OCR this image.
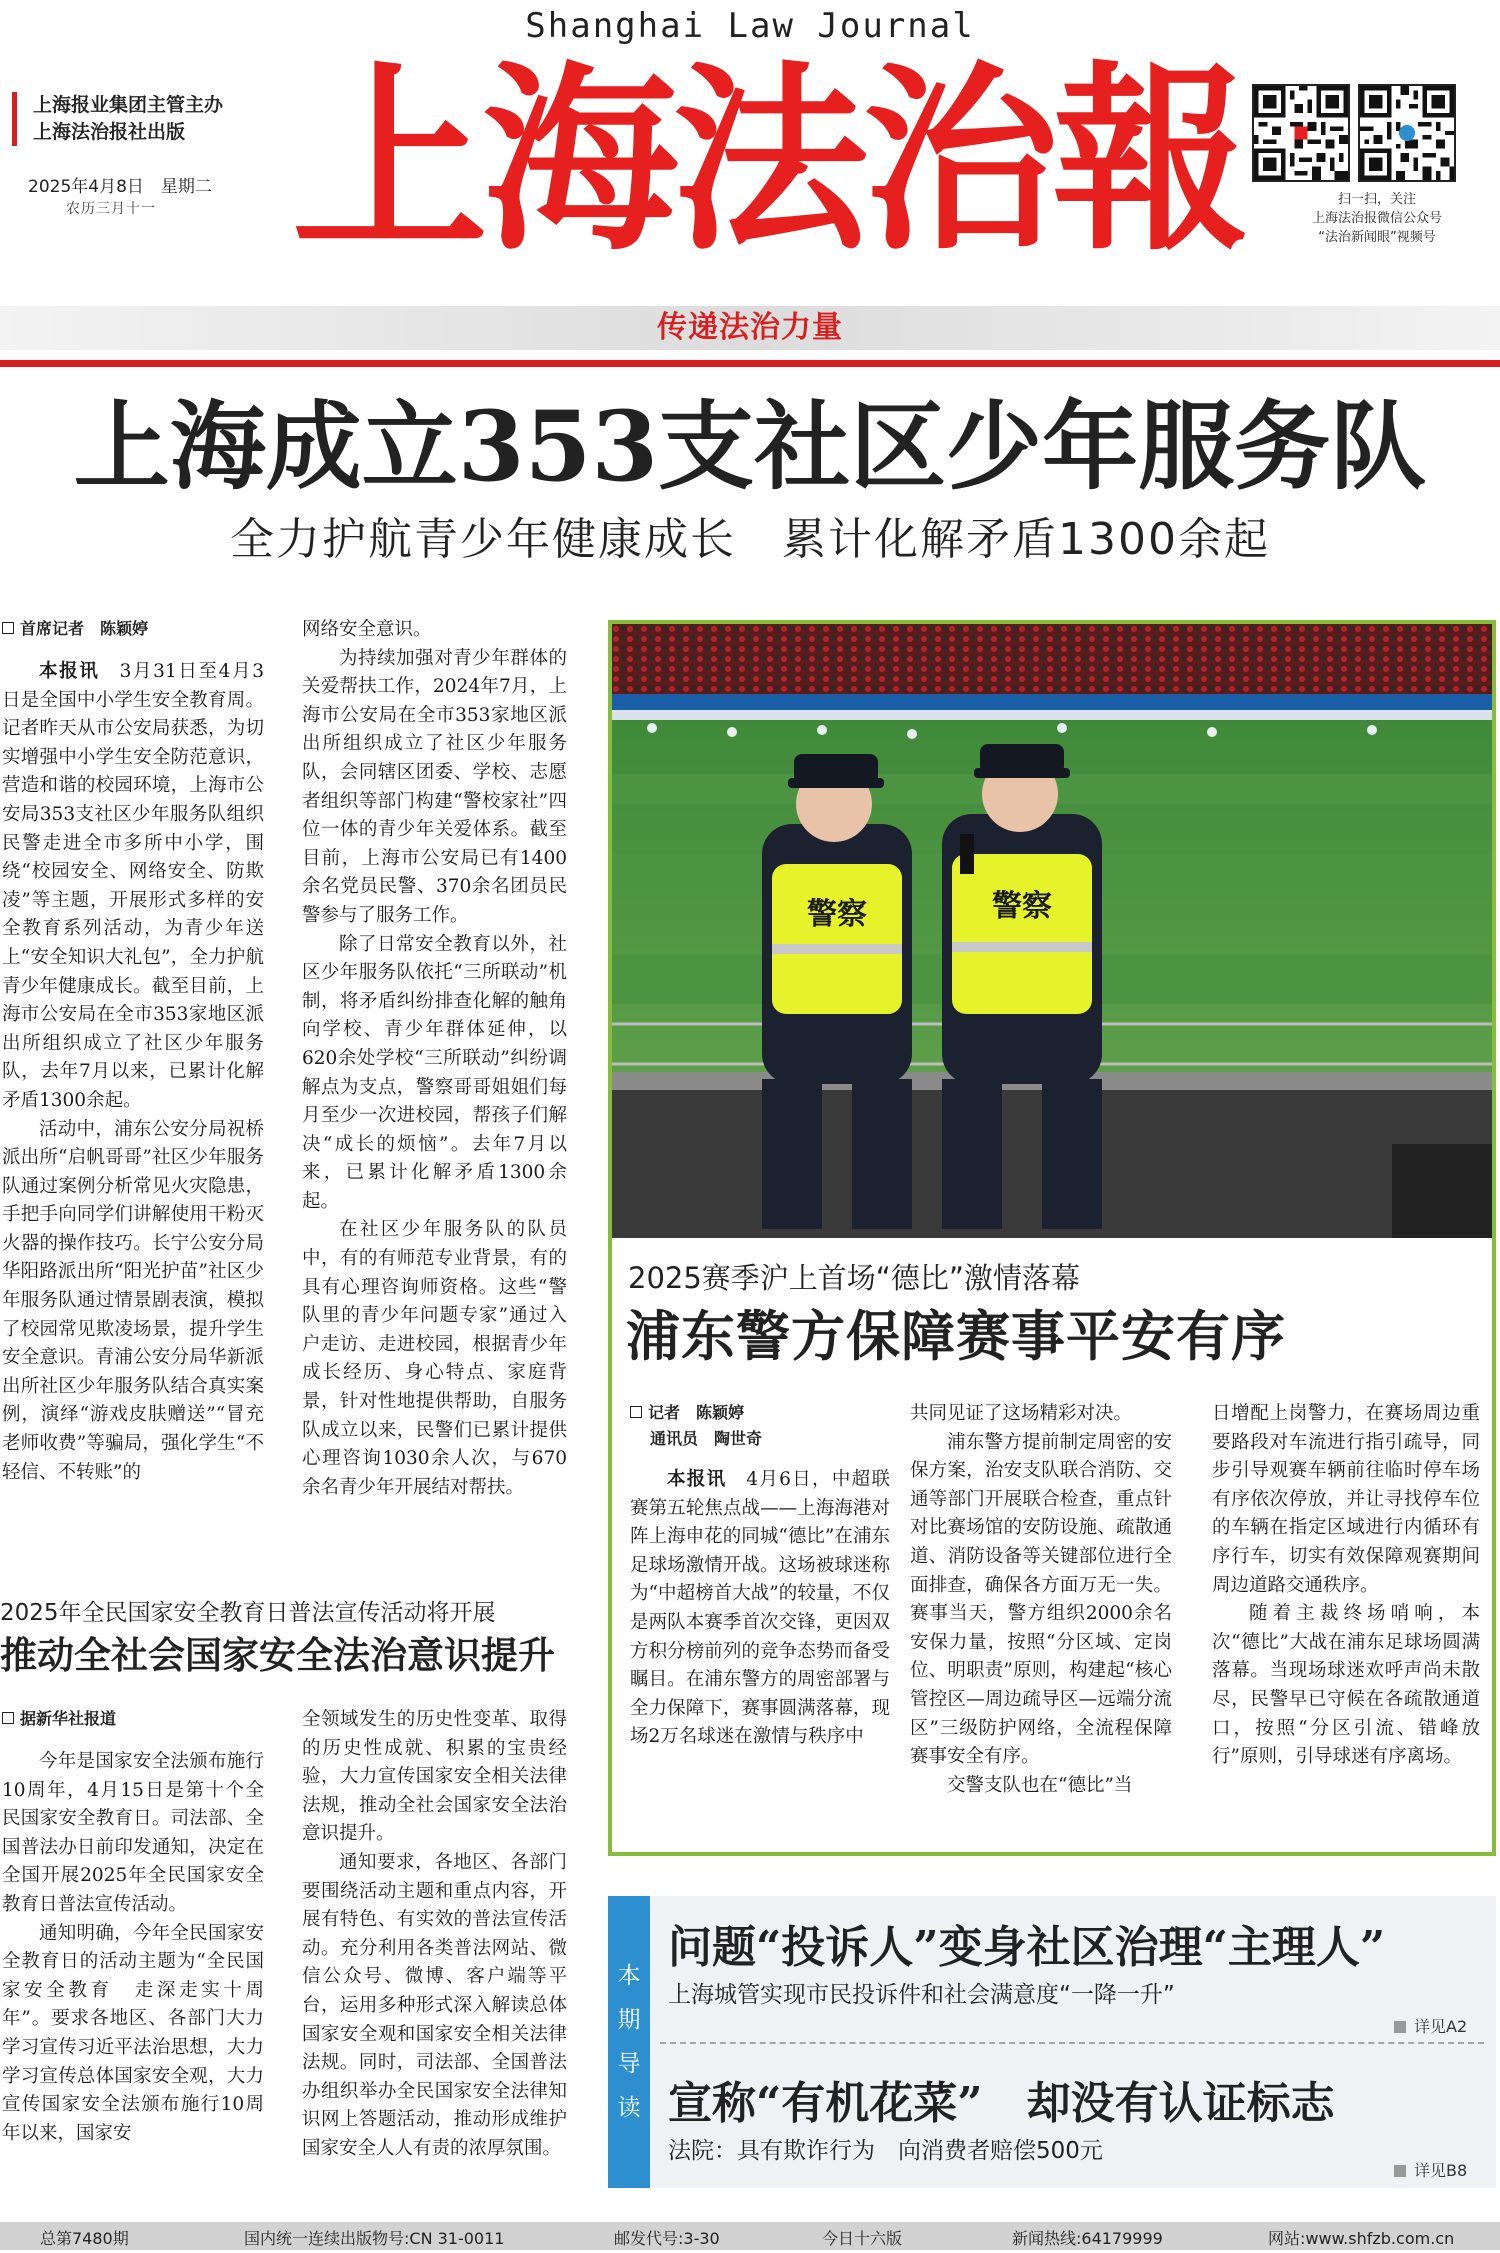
Shanghai Law Journal
上海报业集团主管主办
上海法治报社出版
2025年4月8日　星期二
农历三月十一 上海法治報	扫一扫，关注
上海法治报微信公众号
“法治新闻眼”视频号
传递法治力量
上海成立353支社区少年服务队
全力护航青少年健康成长　累计化解矛盾1300余起
首席记者　陈颖婷

本报讯　 3月31日至4月3日是全国中小学生安全教育周。记者昨天从市公安局获悉，为切实增强中小学生安全防范意识，营造和谐的校园环境，上海市公安局353支社区少年服务队组织民警走进全市多所中小学，围绕“校园安全、网络安全、防欺凌”等主题，开展形式多样的安全教育系列活动，为青少年送上“安全知识大礼包”，全力护航青少年健康成长。截至目前，上海市公安局在全市353家地区派出所组织成立了社区少年服务队，去年7月以来，已累计化解矛盾1300余起。

活动中，浦东公安分局祝桥派出所“启帆哥哥”社区少年服务队通过案例分析常见火灾隐患，手把手向同学们讲解使用干粉灭火器的操作技巧。长宁公安分局华阳路派出所“阳光护苗”社区少年服务队通过情景剧表演，模拟了校园常见欺凌场景，提升学生安全意识。青浦公安分局华新派出所社区少年服务队结合真实案例，演绎“游戏皮肤赠送”“冒充老师收费”等骗局，强化学生“不轻信、不转账”的

网络安全意识。

为持续加强对青少年群体的关爱帮扶工作，2024年7月，上海市公安局在全市353家地区派出所组织成立了社区少年服务队，会同辖区团委、学校、志愿者组织等部门构建“警校家社”四位一体的青少年关爱体系。截至目前，上海市公安局已有1400余名党员民警、370余名团员民警参与了服务工作。

除了日常安全教育以外，社区少年服务队依托“三所联动”机制，将矛盾纠纷排查化解的触角向学校、青少年群体延伸，以620余处学校“三所联动”纠纷调解点为支点，警察哥哥姐姐们每月至少一次进校园，帮孩子们解决“成长的烦恼”。去年7月以来，已累计化解矛盾1300余起。

在社区少年服务队的队员中，有的有师范专业背景，有的具有心理咨询师资格。这些“警队里的青少年问题专家”通过入户走访、走进校园，根据青少年成长经历、身心特点、家庭背景，针对性地提供帮助，自服务队成立以来，民警们已累计提供心理咨询1030余人次，与670余名青少年开展结对帮扶。

警察	警察
2025赛季沪上首场“德比”激情落幕
浦东警方保障赛事平安有序
记者　陈颖婷
通讯员　陶世奇

本报讯　 4月6日，中超联赛第五轮焦点战——上海海港对阵上海申花的同城“德比”在浦东足球场激情开战。这场被球迷称为“中超榜首大战”的较量，不仅是两队本赛季首次交锋，更因双方积分榜前列的竞争态势而备受瞩目。在浦东警方的周密部署与全力保障下，赛事圆满落幕，现场2万名球迷在激情与秩序中

共同见证了这场精彩对决。

浦东警方提前制定周密的安保方案，治安支队联合消防、交通等部门开展联合检查，重点针对比赛场馆的安防设施、疏散通道、消防设备等关键部位进行全面排查，确保各方面万无一失。赛事当天，警方组织2000余名安保力量，按照“分区域、定岗位、明职责”原则，构建起“核心管控区—周边疏导区—远端分流区”三级防护网络，全流程保障赛事安全有序。

交警支队也在“德比”当

日增配上岗警力，在赛场周边重要路段对车流进行指引疏导，同步引导观赛车辆前往临时停车场有序依次停放，并让寻找停车位的车辆在指定区域进行内循环有序行车，切实有效保障观赛期间周边道路交通秩序。

随着主裁终场哨响，本次“德比”大战在浦东足球场圆满落幕。当现场球迷欢呼声尚未散尽，民警早已守候在各疏散通道口，按照“分区引流、错峰放行”原则，引导球迷有序离场。

2025年全民国家安全教育日普法宣传活动将开展
推动全社会国家安全法治意识提升
据新华社报道

今年是国家安全法颁布施行10周年，4月15日是第十个全民国家安全教育日。司法部、全国普法办日前印发通知，决定在全国开展2025年全民国家安全教育日普法宣传活动。

通知明确，今年全民国家安全教育日的活动主题为“全民国家安全教育　走深走实十周年”。要求各地区、各部门大力学习宣传习近平法治思想，大力学习宣传总体国家安全观，大力宣传国家安全法颁布施行10周年以来，国家安

全领域发生的历史性变革、取得的历史性成就、积累的宝贵经验，大力宣传国家安全相关法律法规，推动全社会国家安全法治意识提升。

通知要求，各地区、各部门要围绕活动主题和重点内容，开展有特色、有实效的普法宣传活动。充分利用各类普法网站、微信公众号、微博、客户端等平台，运用多种形式深入解读总体国家安全观和国家安全相关法律法规。同时，司法部、全国普法办组织举办全民国家安全法律知识网上答题活动，推动形成维护国家安全人人有责的浓厚氛围。

本
期
导
读
问题“投诉人”变身社区治理“主理人”
上海城管实现市民投诉件和社会满意度“一降一升”
详见A2
宣称“有机花菜”　却没有认证标志
法院：具有欺诈行为　向消费者赔偿500元
详见B8
总第7480期	国内统一连续出版物号:CN 31-0011	邮发代号:3-30	今日十六版	新闻热线:64179999	网站:www.shfzb.com.cn
